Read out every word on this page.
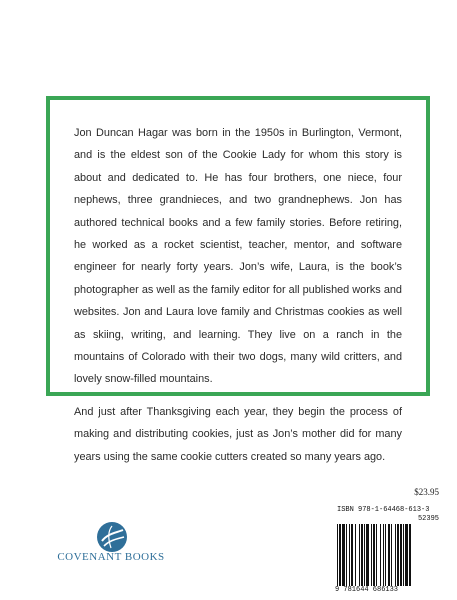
Jon Duncan Hagar was born in the 1950s in Burlington, Vermont, and is the eldest son of the Cookie Lady for whom this story is about and dedicated to. He has four brothers, one niece, four nephews, three grandnieces, and two grandnephews. Jon has authored technical books and a few family stories. Before retiring, he worked as a rocket scientist, teacher, mentor, and software engineer for nearly forty years. Jon’s wife, Laura, is the book’s photographer as well as the family editor for all published works and websites. Jon and Laura love family and Christmas cookies as well as skiing, writing, and learning. They live on a ranch in the mountains of Colorado with their two dogs, many wild critters, and lovely snow-filled mountains.

And just after Thanksgiving each year, they begin the process of making and distributing cookies, just as Jon’s mother did for many years using the same cookie cutters created so many years ago.

COVENANT BOOKS
$23.95
ISBN 978-1-64468-613-3
52395
9 781644 686133
